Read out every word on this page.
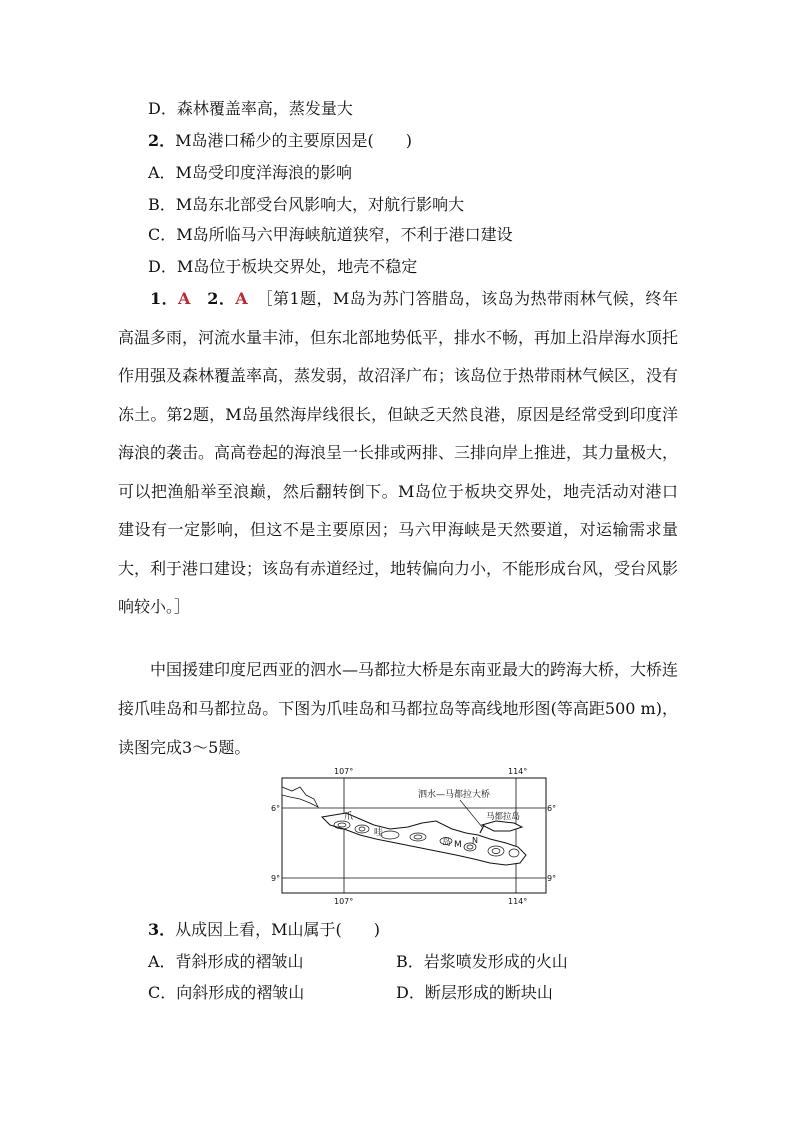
D．森林覆盖率高，蒸发量大
2．M岛港口稀少的主要原因是(　　)
A．M岛受印度洋海浪的影响
B．M岛东北部受台风影响大，对航行影响大
C．M岛所临马六甲海峡航道狭窄，不利于港口建设
D．M岛位于板块交界处，地壳不稳定
1．A　 2．A　 ［第1题，M岛为苏门答腊岛，该岛为热带雨林气候，终年高温多雨，河流水量丰沛，但东北部地势低平，排水不畅，再加上沿岸海水顶托作用强及森林覆盖率高，蒸发弱，故沼泽广布；该岛位于热带雨林气候区，没有冻土。第2题，M岛虽然海岸线很长，但缺乏天然良港，原因是经常受到印度洋海浪的袭击。高高卷起的海浪呈一长排或两排、三排向岸上推进，其力量极大，可以把渔船举至浪巅，然后翻转倒下。M岛位于板块交界处，地壳活动对港口建设有一定影响，但这不是主要原因；马六甲海峡是天然要道，对运输需求量大，利于港口建设；该岛有赤道经过，地转偏向力小，不能形成台风，受台风影响较小。］
中国援建印度尼西亚的泗水—马都拉大桥是东南亚最大的跨海大桥，大桥连接爪哇岛和马都拉岛。下图为爪哇岛和马都拉岛等高线地形图(等高距500 m)，读图完成3～5题。
107°	114°
107°	114°
6°	6°
9°	9°
泗水—马都拉大桥
马都拉岛
爪
哇
岛 M N
3．从成因上看，M山属于(　　)
A．背斜形成的褶皱山	B．岩浆喷发形成的火山
C．向斜形成的褶皱山	D．断层形成的断块山
